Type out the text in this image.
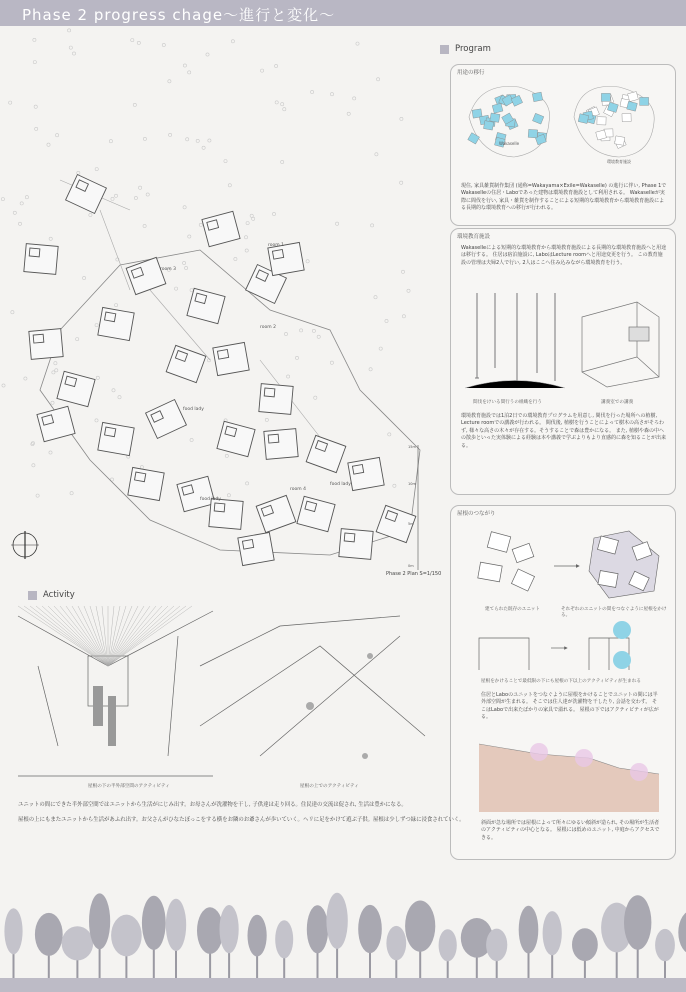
Phase 2 progress chage〜進行と変化〜
room 1
room 2
room 3
room 4
food lady
food lady
food lady
15m
10m
5m
0m
Phase 2 Plan S=1/150
Program
用途の移行
Wakaselle
環境教育施設
現住, 家具雑貨制作集団 (通称=Wakayama×Exile=Wakaselle) の進行に伴い, Phase 1で Wakaselleの住居・Laboであった建物は環境教育施設として利用される。 Wakaselleが実際に間伐を行い, 家具・雑貨を制作することによる短期的な環境教育から環境教育施設による長期的な環境教育への移行が行われる。
環境教育施設
Wakaselleによる短期的な環境教育から環境教育施設による長期的な環境教育施設へと用途は移行する。 住居は宿泊施設に, LaboはLecture roomへと用途変更を行う。 この教育施設の管理は夫婦2人で行い, 2人はここへ住み込みながら環境教育を行う。
間伐をけいる間行うの組織を行う	講義室での講義
環境教育施設では1泊2日での環境教育プログラムを用意し, 間伐を行った場所への植樹, Lecture roomでの講義が行われる。 間伐後, 植樹を行うことによって樹木の高さがそろわず, 様々な高さの木々が存在する。そうすることで森は豊かになる。 また, 植樹や森の中への散歩といった実体験による経験は本や講義で学ぶよりもより直感的に森を知ることが出来る。
屋根のつながり
建てられた既存のユニット	それぞれのユニットの間をつなぐように屋根をかける。
屋根をかけることで最低限の下にも屋根の下以上のアクティビティが生まれる
住居とLaboのユニットをつなぐように屋根をかけることでユニットの間には半外部空間が生まれる。 そこでは住人達が洗濯物を干したり, 会話を交わす。 そこはLaboで出来たばかりの家具で溢れる。 屋根の下ではアクティビティが広がる。
斜面が急な場所では屋根によって所々にゆるい傾斜が造られ, その場所が生活者のアクティビティの中心となる。 屋根には低めのユニット, 中庭からアクセスできる。
Activity
屋根の下の半外部空間のアクティビティ	屋根の上でのアクティビティ
ユニットの間にできた半外部空間ではユニットから生活がにじみ出す。お母さんが洗濯物を干し, 子供達は走り回る。住民達の交流は促され, 生活は豊かになる。
屋根の上にもまたユニットから生活があふれ出す。お父さんがひなたぼっこをする横をお隣のお爺さんが歩いていく。ヘリに足をかけて遊ぶ子供。屋根は少しずつ緑に浸食されていく。
